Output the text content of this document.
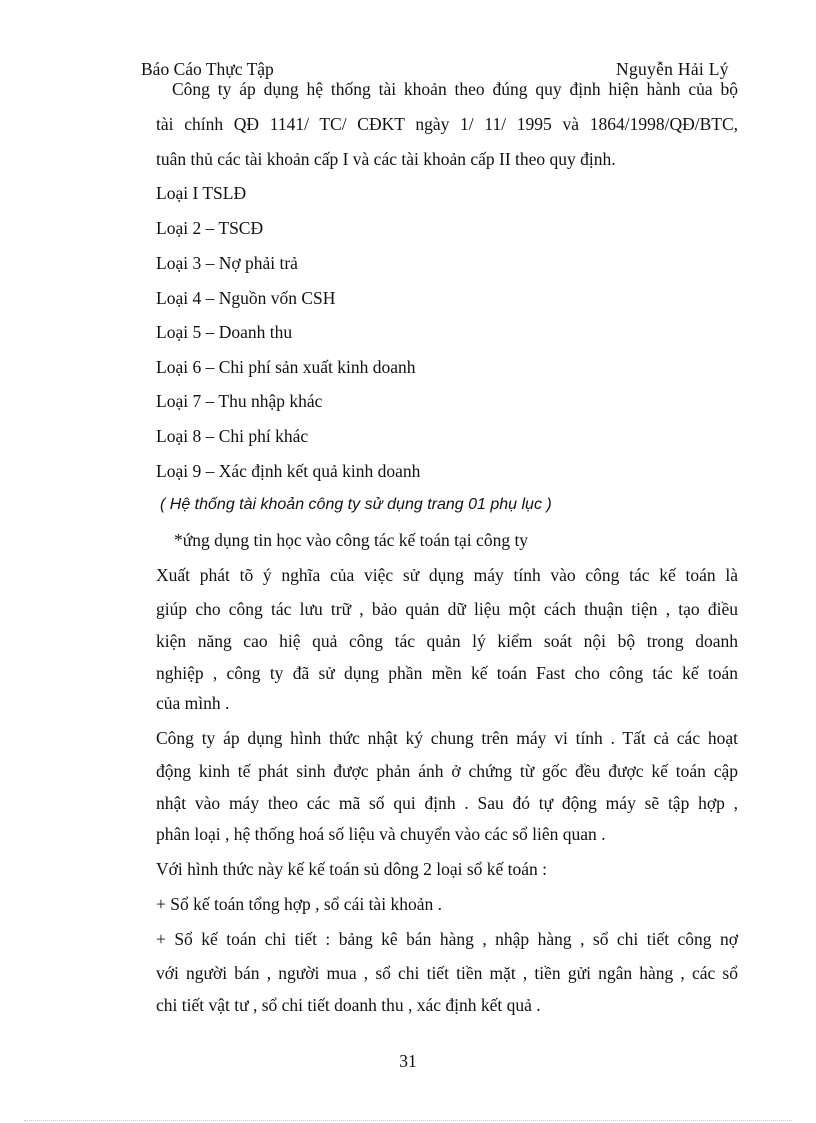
Báo Cáo Thực Tập	Nguyễn Hải Lý
Công ty áp dụng hệ thống tài khoản theo đúng quy định hiện hành của bộ
tài chính QĐ 1141/ TC/ CĐKT ngày 1/ 11/ 1995 và 1864/1998/QĐ/BTC,
tuân thủ các tài khoản cấp I và các tài khoản cấp II theo quy định.
Loại I TSLĐ
Loại 2 – TSCĐ
Loại 3 – Nợ phải trả
Loại 4 – Nguồn vốn CSH
Loại 5 – Doanh thu
Loại 6 – Chi phí sản xuất kinh doanh
Loại 7 – Thu nhập khác
Loại 8 – Chi phí khác
Loại 9 – Xác định kết quả kinh doanh
( Hệ thống tài khoản công ty sử dụng trang 01 phụ lục )
*ứng dụng tin học vào công tác kế toán tại công ty
Xuất phát tõ ý nghĩa của việc sử dụng máy tính vào công tác kế toán là
giúp cho công tác lưu trữ , bảo quản dữ liệu một cách thuận tiện , tạo điều
kiện năng cao hiệ quả công tác quản lý kiểm soát nội bộ trong doanh
nghiệp , công ty đã sử dụng phần mền kế toán Fast cho công tác kế toán
của mình .
Công ty áp dụng hình thức nhật ký chung trên máy vi tính . Tất cả các hoạt
động kinh tế phát sinh được phản ánh ở chứng từ gốc đều được kế toán cập
nhật vào máy theo các mã số qui định . Sau đó tự động máy sẽ tập hợp ,
phân loại , hệ thống hoá số liệu và chuyển vào các sổ liên quan .
Với hình thức này kế kế toán sủ dông 2 loại sổ kế toán :
+ Sổ kế toán tổng hợp , sổ cái tài khoản .
+ Sổ kế toán chi tiết : bảng kê bán hàng , nhập hàng , sổ chi tiết công nợ
với người bán , người mua , sổ chi tiết tiền mặt , tiền gửi ngân hàng , các sổ
chi tiết vật tư , sổ chi tiết doanh thu , xác định kết quả .
31
